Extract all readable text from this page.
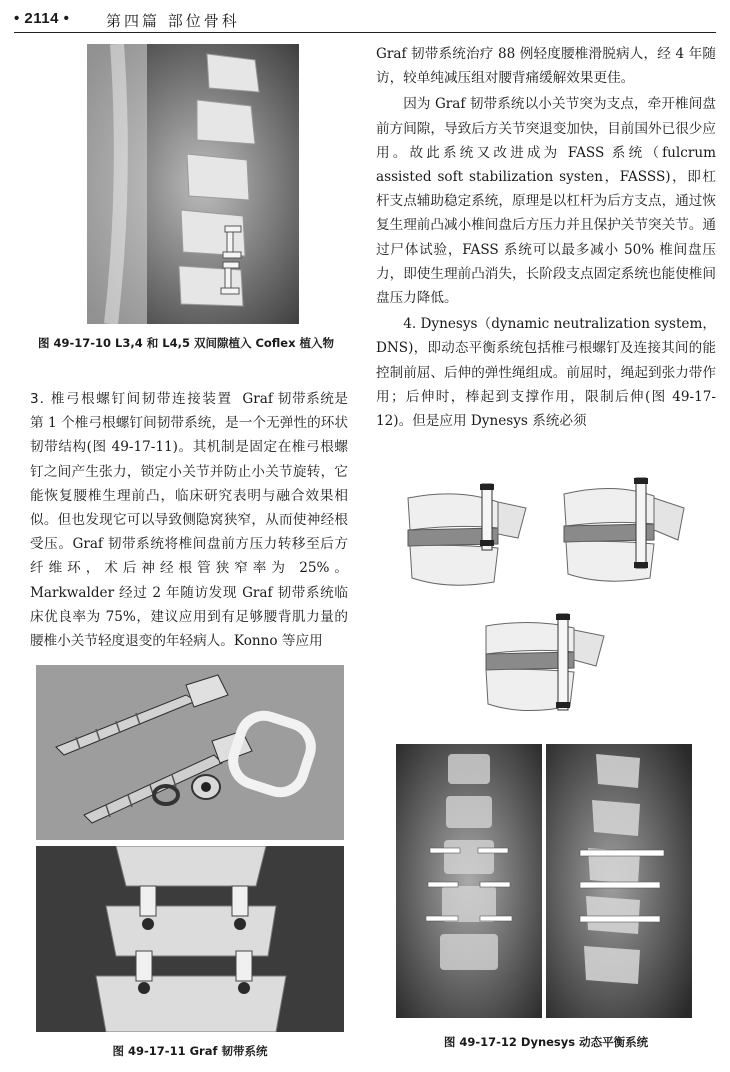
• 2114 • 第四篇 部位骨科
图 49-17-10 L3,4 和 L4,5 双间隙植入 Coflex 植入物

3. 椎弓根螺钉间韧带连接装置 Graf 韧带系统是第 1 个椎弓根螺钉间韧带系统，是一个无弹性的环状韧带结构(图 49-17-11)。其机制是固定在椎弓根螺钉之间产生张力，锁定小关节并防止小关节旋转，它能恢复腰椎生理前凸，临床研究表明与融合效果相似。但也发现它可以导致侧隐窝狭窄，从而使神经根受压。Graf 韧带系统将椎间盘前方压力转移至后方纤维环，术后神经根管狭窄率为 25%。Markwalder 经过 2 年随访发现 Graf 韧带系统临床优良率为 75%，建议应用到有足够腰背肌力量的腰椎小关节轻度退变的年轻病人。Konno 等应用

图 49-17-11 Graf 韧带系统

Graf 韧带系统治疗 88 例轻度腰椎滑脱病人，经 4 年随访，较单纯减压组对腰背痛缓解效果更佳。

因为 Graf 韧带系统以小关节突为支点，牵开椎间盘前方间隙，导致后方关节突退变加快，目前国外已很少应用。故此系统又改进成为 FASS 系统（fulcrum assisted soft stabilization systen，FASSS)，即杠杆支点辅助稳定系统，原理是以杠杆为后方支点，通过恢复生理前凸减小椎间盘后方压力并且保护关节突关节。通过尸体试验，FASS 系统可以最多减小 50% 椎间盘压力，即使生理前凸消失，长阶段支点固定系统也能使椎间盘压力降低。

4. Dynesys（dynamic neutralization system，DNS)，即动态平衡系统包括椎弓根螺钉及连接其间的能控制前屈、后伸的弹性绳组成。前屈时，绳起到张力带作用；后伸时，棒起到支撑作用，限制后伸(图 49-17-12)。但是应用 Dynesys 系统必须

图 49-17-12 Dynesys 动态平衡系统
